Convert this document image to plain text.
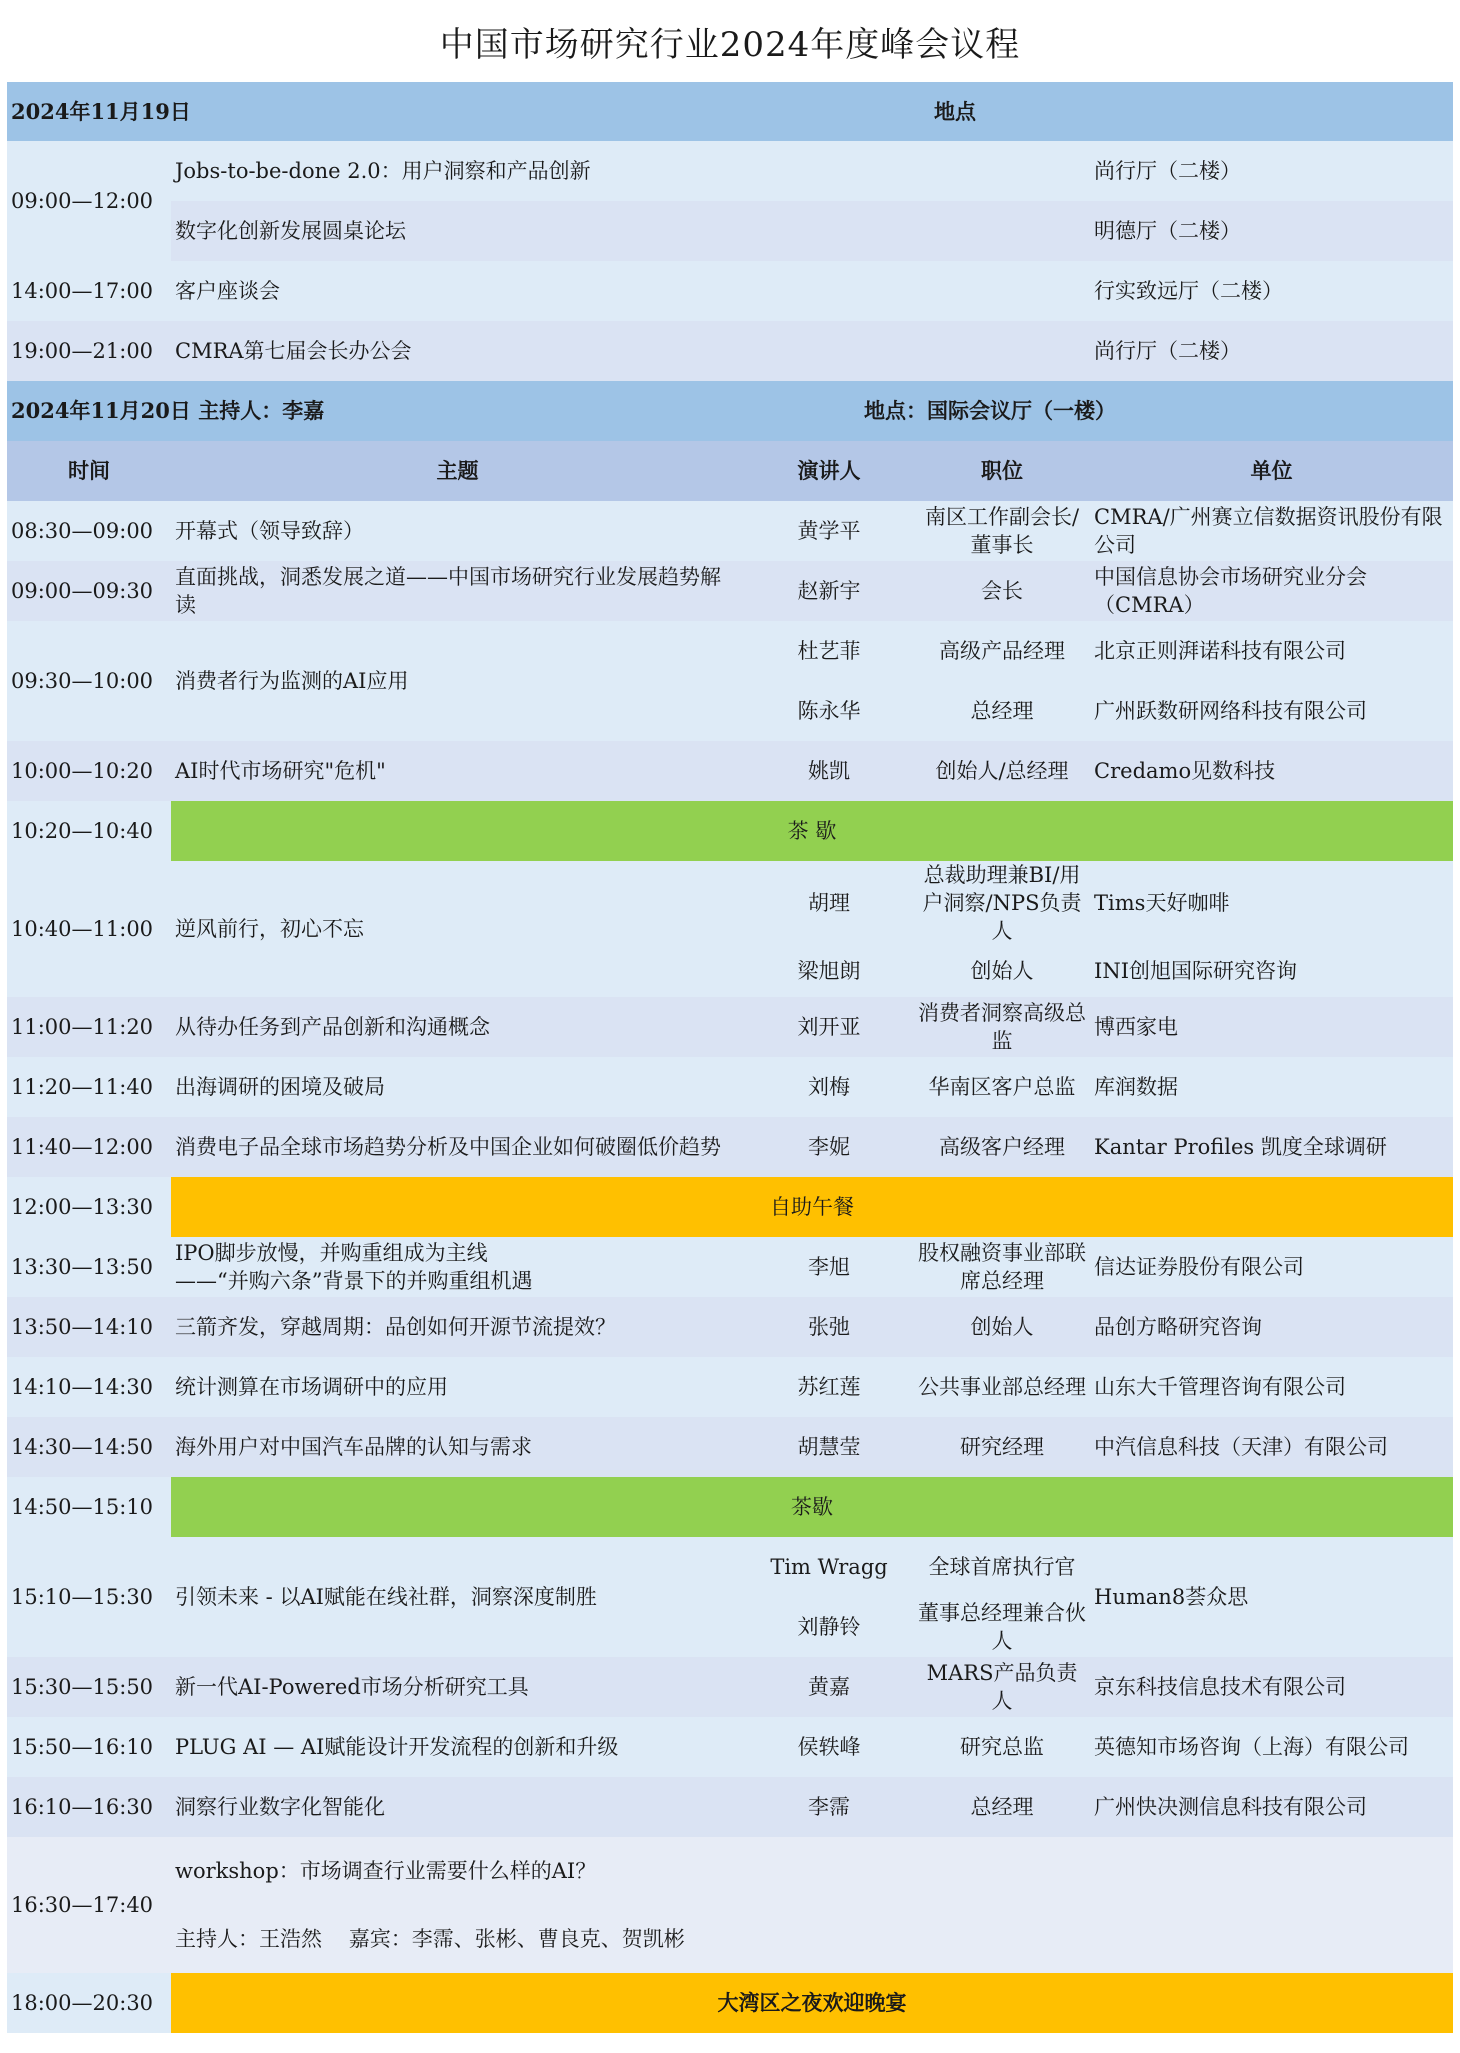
中国市场研究行业2024年度峰会议程
2024年11月19日			地点	
09:00—12:00	Jobs-to-be-done 2.0：用户洞察和产品创新			尚行厅（二楼）
	数字化创新发展圆桌论坛			明德厅（二楼）
14:00—17:00	客户座谈会			行实致远厅（二楼）
19:00—21:00	CMRA第七届会长办公会			尚行厅（二楼）
2024年11月20日 主持人：李嘉			地点：国际会议厅（一楼）	
时间	主题	演讲人	职位	单位
08:30—09:00	开幕式（领导致辞）	黄学平	南区工作副会长/董事长	CMRA/广州赛立信数据资讯股份有限公司
09:00—09:30	直面挑战，洞悉发展之道——中国市场研究行业发展趋势解读	赵新宇	会长	中国信息协会市场研究业分会（CMRA）
09:30—10:00	消费者行为监测的AI应用	杜艺菲	高级产品经理	北京正则湃诺科技有限公司
		陈永华	总经理	广州跃数研网络科技有限公司
10:00—10:20	AI时代市场研究"危机"	姚凯	创始人/总经理	Credamo见数科技
10:20—10:40	茶 歇			
10:40—11:00	逆风前行，初心不忘	胡理	总裁助理兼BI/用户洞察/NPS负责人	Tims天好咖啡
		梁旭朗	创始人	INI创旭国际研究咨询
11:00—11:20	从待办任务到产品创新和沟通概念	刘开亚	消费者洞察高级总监	博西家电
11:20—11:40	出海调研的困境及破局	刘梅	华南区客户总监	库润数据
11:40—12:00	消费电子品全球市场趋势分析及中国企业如何破圈低价趋势	李妮	高级客户经理	Kantar Profiles 凯度全球调研
12:00—13:30	自助午餐			
13:30—13:50	IPO脚步放慢，并购重组成为主线
——“并购六条”背景下的并购重组机遇	李旭	股权融资事业部联席总经理	信达证券股份有限公司
13:50—14:10	三箭齐发，穿越周期：品创如何开源节流提效？	张弛	创始人	品创方略研究咨询
14:10—14:30	统计测算在市场调研中的应用	苏红莲	公共事业部总经理	山东大千管理咨询有限公司
14:30—14:50	海外用户对中国汽车品牌的认知与需求	胡慧莹	研究经理	中汽信息科技（天津）有限公司
14:50—15:10	茶歇			
15:10—15:30	引领未来 - 以AI赋能在线社群，洞察深度制胜	Tim Wragg	全球首席执行官	Human8荟众思
		刘静铃	董事总经理兼合伙人	
15:30—15:50	新一代AI-Powered市场分析研究工具	黄嘉	MARS产品负责人	京东科技信息技术有限公司
15:50—16:10	PLUG AI — AI赋能设计开发流程的创新和升级	侯轶峰	研究总监	英德知市场咨询（上海）有限公司
16:10—16:30	洞察行业数字化智能化	李霈	总经理	广州快决测信息科技有限公司
16:30—17:40	workshop：市场调查行业需要什么样的AI？			
	主持人：王浩然    嘉宾：李霈、张彬、曹良克、贺凯彬			
18:00—20:30	大湾区之夜欢迎晚宴			
